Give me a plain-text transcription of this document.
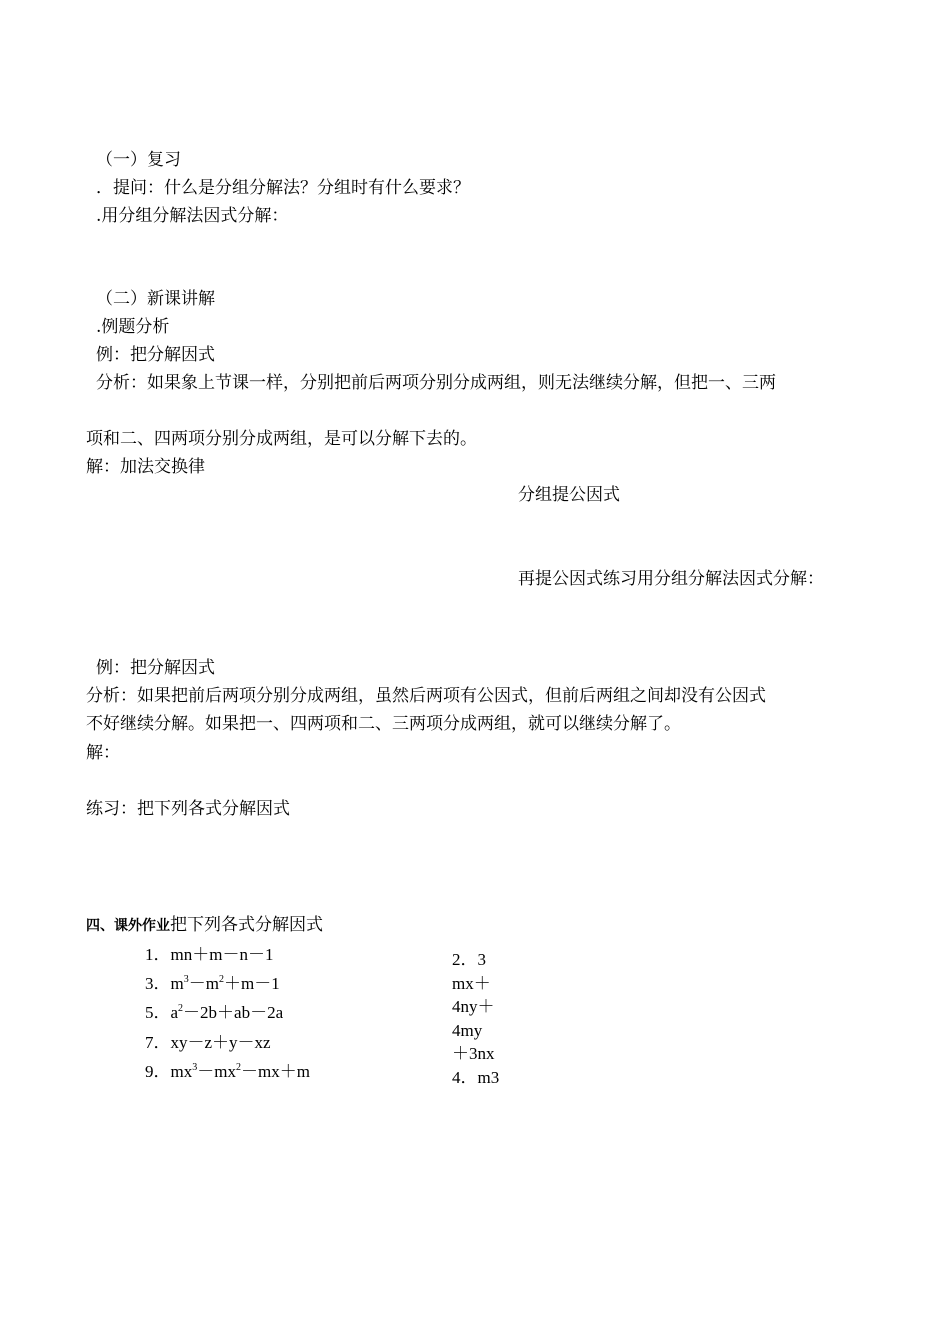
（一）复习
．提问：什么是分组分解法？分组时有什么要求？
.用分组分解法因式分解：
（二）新课讲解
.例题分析
例：把分解因式
分析：如果象上节课一样，分别把前后两项分别分成两组，则无法继续分解，但把一、三两
项和二、四两项分别分成两组，是可以分解下去的。
解：加法交换律
分组提公因式
再提公因式练习用分组分解法因式分解：
例：把分解因式
分析：如果把前后两项分别分成两组，虽然后两项有公因式，但前后两组之间却没有公因式
不好继续分解。如果把一、四两项和二、三两项分成两组，就可以继续分解了。
解：
练习：把下列各式分解因式
四、课外作业把下列各式分解因式
1．mn＋m－n－1
3．$m^3-m^2+m-1$
5．$a^2-2b+ab-2a$
7．xy－z＋y－xz
9．$mx^3-mx^2-mx+m$
2．3
mx＋
4ny＋
4my
＋3nx
4．m3
